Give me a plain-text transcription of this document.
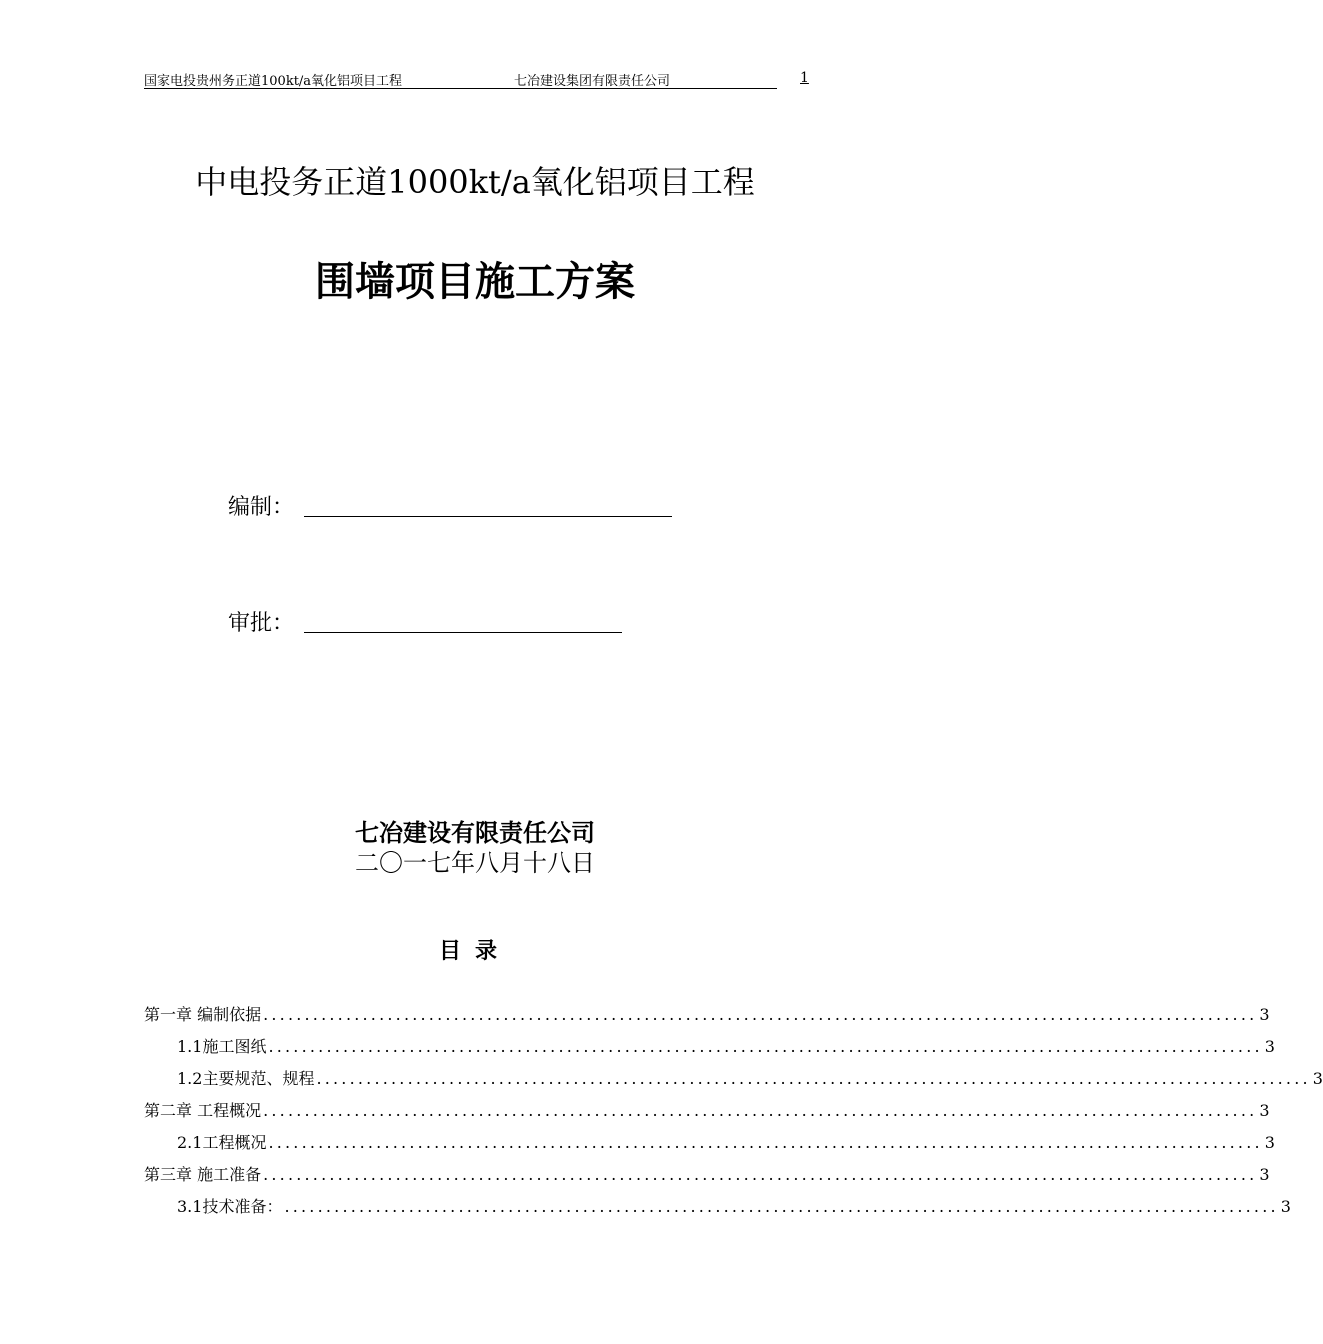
国家电投贵州务正道100kt/a氧化铝项目工程	七冶建设集团有限责任公司	1
中电投务正道1000kt/a氧化铝项目工程
围墙项目施工方案
编制：
审批：
七冶建设有限责任公司
二〇一七年八月十八日
目录
第一章 编制依据 ........................................................................................................................ 3
1.1施工图纸 ........................................................................................................................ 3
1.2主要规范、规程 ........................................................................................................................ 3
第二章 工程概况 ........................................................................................................................ 3
2.1工程概况 ........................................................................................................................ 3
第三章 施工准备 ........................................................................................................................ 3
3.1技术准备： ........................................................................................................................ 3
